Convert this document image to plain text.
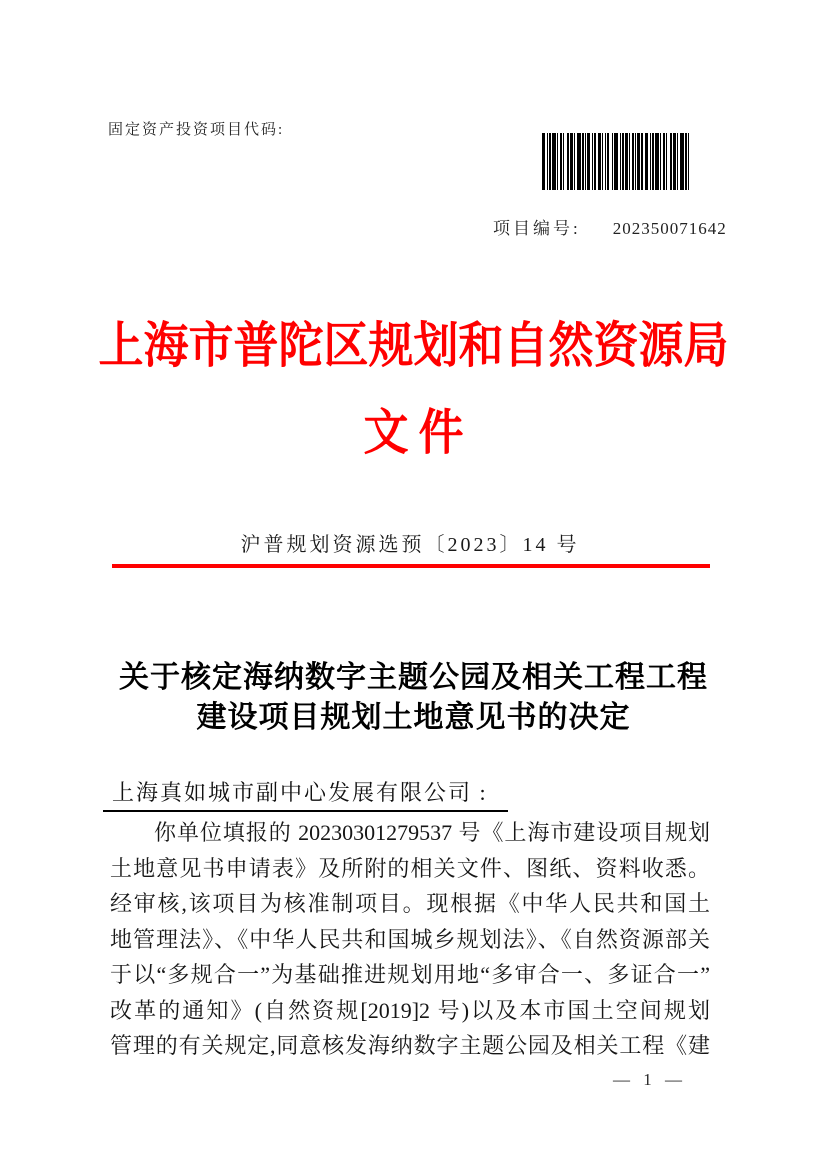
固定资产投资项目代码:
项目编号: 202350071642
上海市普陀区规划和自然资源局
文件
沪普规划资源选预〔2023〕14 号
关于核定海纳数字主题公园及相关工程工程
建设项目规划土地意见书的决定
上海真如城市副中心发展有限公司 :
你单位填报的 20230301279537 号《上海市建设项目规划
土地意见书申请表》及所附的相关文件、图纸、资料收悉。
经审核,该项目为核准制项目。现根据《中华人民共和国土
地管理法》、《中华人民共和国城乡规划法》、《自然资源部关
于以“多规合一”为基础推进规划用地“多审合一、多证合一”
改革的通知》(自然资规[2019]2 号)以及本市国土空间规划
管理的有关规定,同意核发海纳数字主题公园及相关工程《建
— 1 —
